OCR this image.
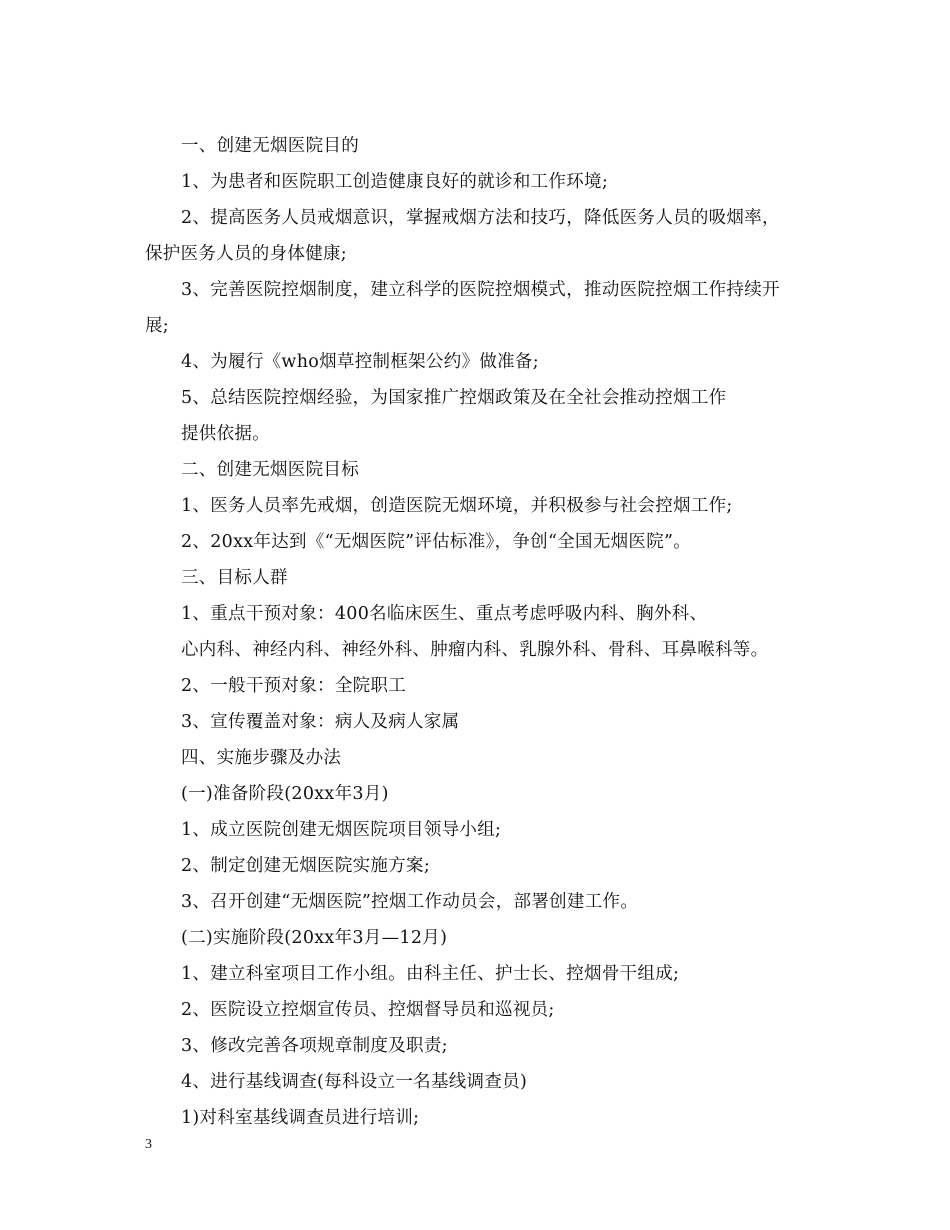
一、创建无烟医院目的
1、为患者和医院职工创造健康良好的就诊和工作环境;
2、提高医务人员戒烟意识，掌握戒烟方法和技巧，降低医务人员的吸烟率，
保护医务人员的身体健康;
3、完善医院控烟制度，建立科学的医院控烟模式，推动医院控烟工作持续开
展;
4、为履行《who烟草控制框架公约》做准备;
5、总结医院控烟经验，为国家推广控烟政策及在全社会推动控烟工作
提供依据。
二、创建无烟医院目标
1、医务人员率先戒烟，创造医院无烟环境，并积极参与社会控烟工作;
2、20xx年达到《“无烟医院”评估标准》，争创“全国无烟医院”。
三、目标人群
1、重点干预对象：400名临床医生、重点考虑呼吸内科、胸外科、
心内科、神经内科、神经外科、肿瘤内科、乳腺外科、骨科、耳鼻喉科等。
2、一般干预对象：全院职工
3、宣传覆盖对象：病人及病人家属
四、实施步骤及办法
(一)准备阶段(20xx年3月)
1、成立医院创建无烟医院项目领导小组;
2、制定创建无烟医院实施方案;
3、召开创建“无烟医院”控烟工作动员会，部署创建工作。
(二)实施阶段(20xx年3月—12月)
1、建立科室项目工作小组。由科主任、护士长、控烟骨干组成;
2、医院设立控烟宣传员、控烟督导员和巡视员;
3、修改完善各项规章制度及职责;
4、进行基线调查(每科设立一名基线调查员)
1)对科室基线调查员进行培训;
3
